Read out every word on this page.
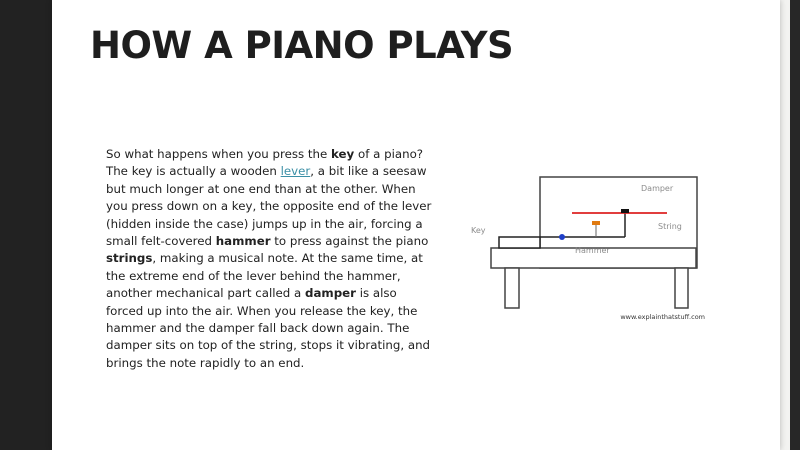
HOW A PIANO PLAYS

So what happens when you press the key of a piano? The key is actually a wooden lever, a bit like a seesaw but much longer at one end than at the other. When you press down on a key, the opposite end of the lever (hidden inside the case) jumps up in the air, forcing a small felt-covered hammer to press against the piano strings, making a musical note. At the same time, at the extreme end of the lever behind the hammer, another mechanical part called a damper is also forced up into the air. When you release the key, the hammer and the damper fall back down again. The damper sits on top of the string, stops it vibrating, and brings the note rapidly to an end.

Key
Hammer
Damper
String
www.explainthatstuff.com
